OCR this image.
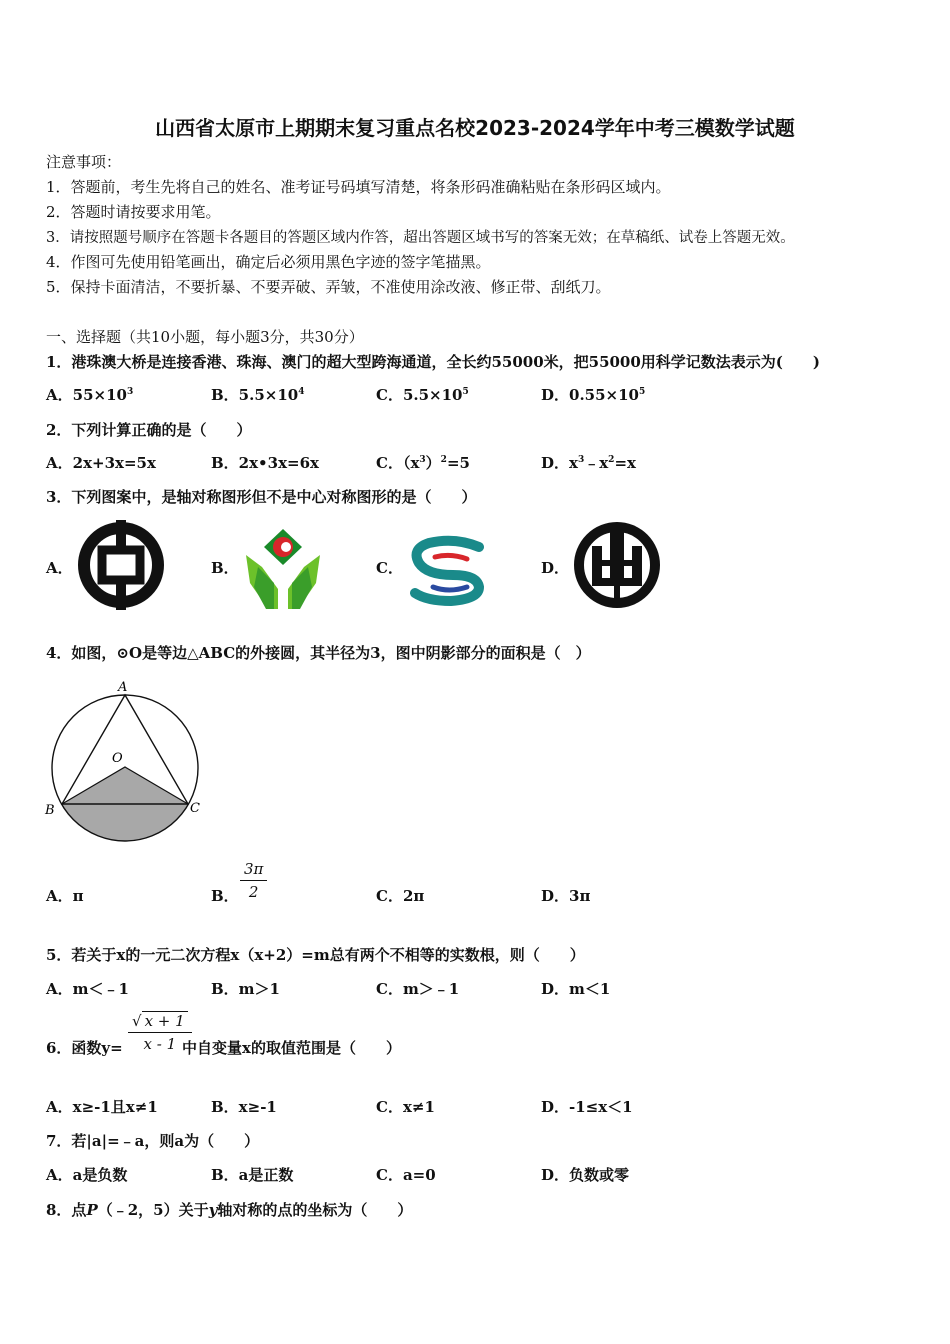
山西省太原市上期期末复习重点名校2023-2024学年中考三模数学试题
注意事项：
1．答题前，考生先将自己的姓名、准考证号码填写清楚，将条形码准确粘贴在条形码区域内。
2．答题时请按要求用笔。
3．请按照题号顺序在答题卡各题目的答题区域内作答，超出答题区域书写的答案无效；在草稿纸、试卷上答题无效。
4．作图可先使用铅笔画出，确定后必须用黑色字迹的签字笔描黑。
5．保持卡面清洁，不要折暴、不要弄破、弄皱，不准使用涂改液、修正带、刮纸刀。
一、选择题（共10小题，每小题3分，共30分）
1．港珠澳大桥是连接香港、珠海、澳门的超大型跨海通道，全长约55000米，把55000用科学记数法表示为(　　)
A．$55\times 10^3$	B．$5.5\times 10^4$	C．$5.5\times 10^5$	D．$0.55\times 10^5$
2．下列计算正确的是（　　）
A．2x+3x=5x	B．2x•3x=6x	C．$(x^3)^2=5$	D．$x^3﹣x^2=x$
3．下列图案中，是轴对称图形但不是中心对称图形的是（　　）
A．	B．	C．	D．
4．如图，⊙O是等边△ABC的外接圆，其半径为3，图中阴影部分的面积是（　）
A
B	C
O
A．π	B． $\frac{3\pi}{2}$	C．2π	D．3π
5．若关于x的一元二次方程x（x+2）=m总有两个不相等的实数根，则（　　）
A．m＜﹣1	B．m＞1	C．m＞﹣1	D．m＜1
6．函数$y= \frac{√ x + 1}{x - 1}$
中自变量x的取值范围是（　　）
A．x≥-1且x≠1	B．x≥-1	C．x≠1	D．-1≤x＜1
7．若|a|=﹣a，则a为（　　）
A．a是负数	B．a是正数	C．a=0	D．负数或零
8．点P（﹣2，5）关于y轴对称的点的坐标为（　　）
